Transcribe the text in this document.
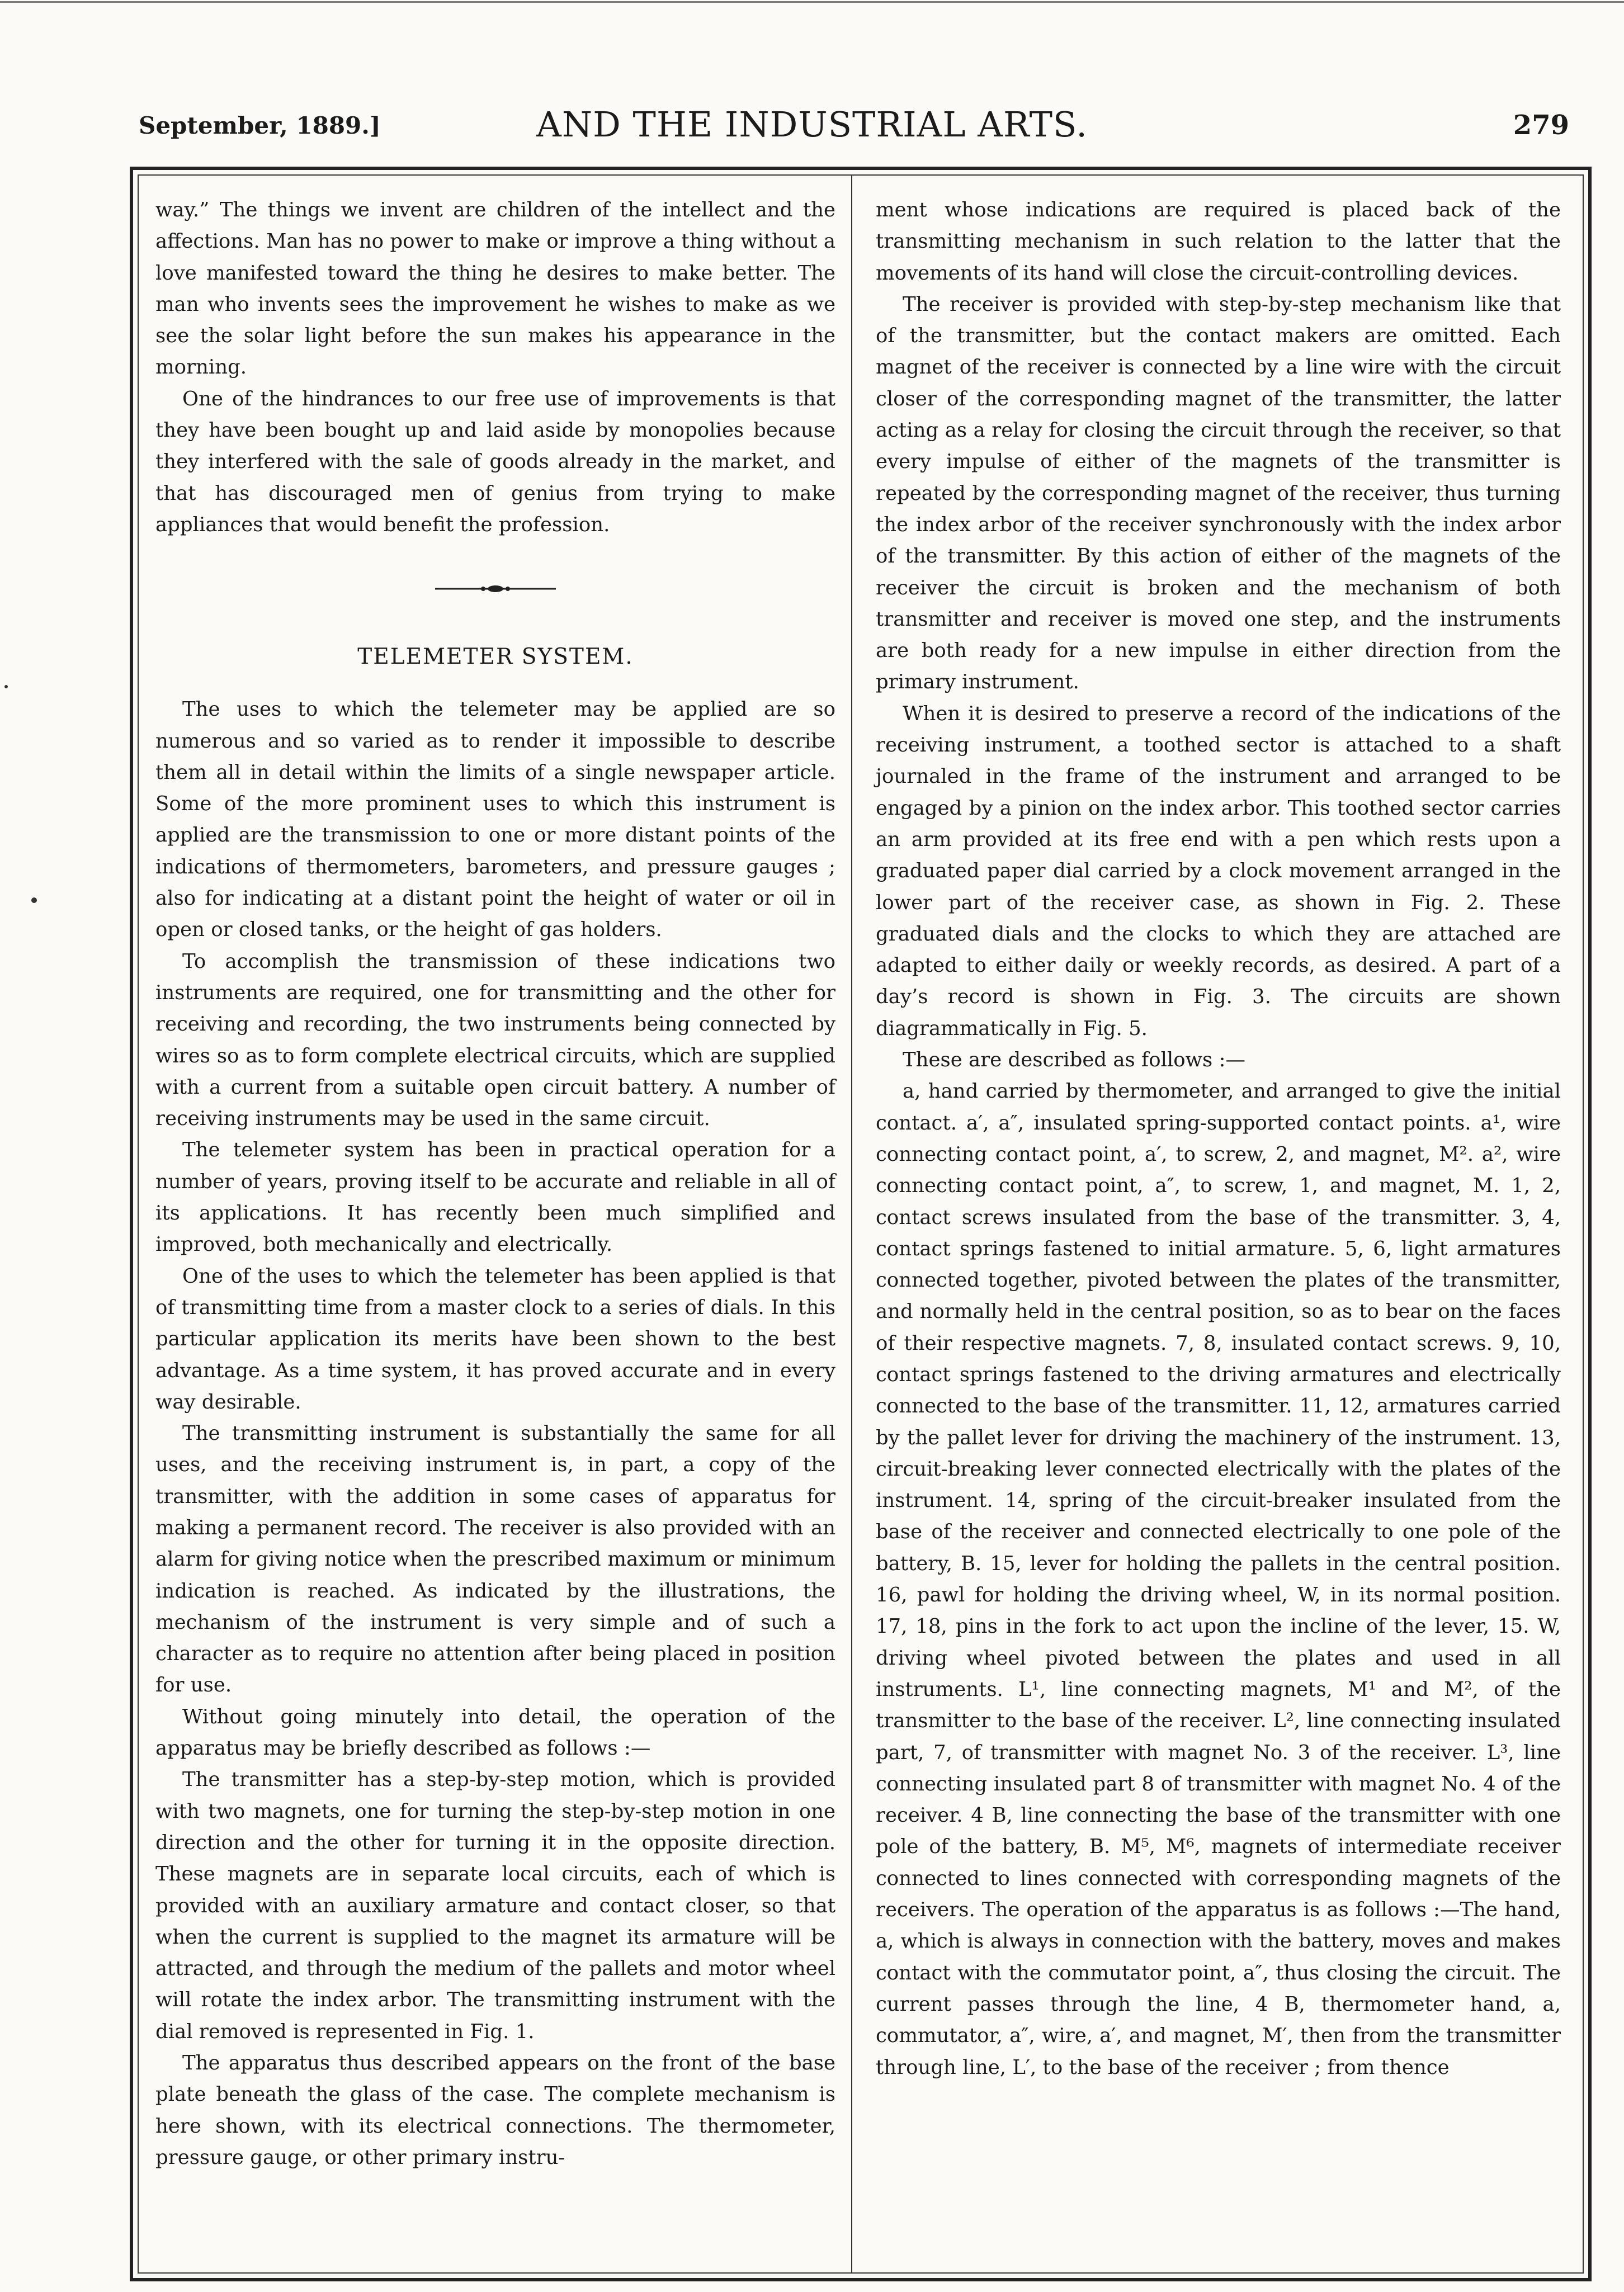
September, 1889.]	AND THE INDUSTRIAL ARTS.	279

way.” The things we invent are children of the intellect and the affections. Man has no power to make or improve a thing without a love manifested toward the thing he desires to make better. The man who invents sees the improvement he wishes to make as we see the solar light before the sun makes his appearance in the morning.

One of the hindrances to our free use of improvements is that they have been bought up and laid aside by monopolies because they interfered with the sale of goods already in the market, and that has discouraged men of genius from trying to make appliances that would benefit the profession.

TELEMETER SYSTEM.

The uses to which the telemeter may be applied are so numerous and so varied as to render it impossible to describe them all in detail within the limits of a single newspaper article. Some of the more prominent uses to which this instrument is applied are the transmission to one or more distant points of the indications of thermometers, barometers, and pressure gauges ; also for indicating at a distant point the height of water or oil in open or closed tanks, or the height of gas holders.

To accomplish the transmission of these indications two instruments are required, one for transmitting and the other for receiving and recording, the two instruments being connected by wires so as to form complete electrical circuits, which are supplied with a current from a suitable open circuit battery. A number of receiving instruments may be used in the same circuit.

The telemeter system has been in practical operation for a number of years, proving itself to be accurate and reliable in all of its applications. It has recently been much simplified and improved, both mechanically and electrically.

One of the uses to which the telemeter has been applied is that of transmitting time from a master clock to a series of dials. In this particular application its merits have been shown to the best advantage. As a time system, it has proved accurate and in every way desirable.

The transmitting instrument is substantially the same for all uses, and the receiving instrument is, in part, a copy of the transmitter, with the addition in some cases of apparatus for making a permanent record. The receiver is also provided with an alarm for giving notice when the prescribed maximum or minimum indication is reached. As indicated by the illustrations, the mechanism of the instrument is very simple and of such a character as to require no attention after being placed in position for use.

Without going minutely into detail, the operation of the apparatus may be briefly described as follows :—

The transmitter has a step-by-step motion, which is provided with two magnets, one for turning the step-by-step motion in one direction and the other for turning it in the opposite direction. These magnets are in separate local circuits, each of which is provided with an auxiliary armature and contact closer, so that when the current is supplied to the magnet its armature will be attracted, and through the medium of the pallets and motor wheel will rotate the index arbor. The transmitting instrument with the dial removed is represented in Fig. 1.

The apparatus thus described appears on the front of the base plate beneath the glass of the case. The complete mechanism is here shown, with its electrical connections. The thermometer, pressure gauge, or other primary instru-

ment whose indications are required is placed back of the transmitting mechanism in such relation to the latter that the movements of its hand will close the circuit-controlling devices.

The receiver is provided with step-by-step mechanism like that of the transmitter, but the contact makers are omitted. Each magnet of the receiver is connected by a line wire with the circuit closer of the corresponding magnet of the transmitter, the latter acting as a relay for closing the circuit through the receiver, so that every impulse of either of the magnets of the transmitter is repeated by the corresponding magnet of the receiver, thus turning the index arbor of the receiver synchronously with the index arbor of the transmitter. By this action of either of the magnets of the receiver the circuit is broken and the mechanism of both transmitter and receiver is moved one step, and the instruments are both ready for a new impulse in either direction from the primary instrument.

When it is desired to preserve a record of the indications of the receiving instrument, a toothed sector is attached to a shaft journaled in the frame of the instrument and arranged to be engaged by a pinion on the index arbor. This toothed sector carries an arm provided at its free end with a pen which rests upon a graduated paper dial carried by a clock movement arranged in the lower part of the receiver case, as shown in Fig. 2. These graduated dials and the clocks to which they are attached are adapted to either daily or weekly records, as desired. A part of a day’s record is shown in Fig. 3. The circuits are shown diagrammatically in Fig. 5.

These are described as follows :—

a, hand carried by thermometer, and arranged to give the initial contact. a′, a″, insulated spring-supported contact points. a¹, wire connecting contact point, a′, to screw, 2, and magnet, M². a², wire connecting contact point, a″, to screw, 1, and magnet, M. 1, 2, contact screws insulated from the base of the transmitter. 3, 4, contact springs fastened to initial armature. 5, 6, light armatures connected together, pivoted between the plates of the transmitter, and normally held in the central position, so as to bear on the faces of their respective magnets. 7, 8, insulated contact screws. 9, 10, contact springs fastened to the driving armatures and electrically connected to the base of the transmitter. 11, 12, armatures carried by the pallet lever for driving the machinery of the instrument. 13, circuit-breaking lever connected electrically with the plates of the instrument. 14, spring of the circuit-breaker insulated from the base of the receiver and connected electrically to one pole of the battery, B. 15, lever for holding the pallets in the central position. 16, pawl for holding the driving wheel, W, in its normal position. 17, 18, pins in the fork to act upon the incline of the lever, 15. W, driving wheel pivoted between the plates and used in all instruments. L¹, line connecting magnets, M¹ and M², of the transmitter to the base of the receiver. L², line connecting insulated part, 7, of transmitter with magnet No. 3 of the receiver. L³, line connecting insulated part 8 of transmitter with magnet No. 4 of the receiver. 4 B, line connecting the base of the transmitter with one pole of the battery, B. M⁵, M⁶, magnets of intermediate receiver connected to lines connected with corresponding magnets of the receivers. The operation of the apparatus is as follows :—The hand, a, which is always in connection with the battery, moves and makes contact with the commutator point, a″, thus closing the circuit. The current passes through the line, 4 B, thermometer hand, a, commutator, a″, wire, a′, and magnet, M′, then from the transmitter through line, L′, to the base of the receiver ; from thence
